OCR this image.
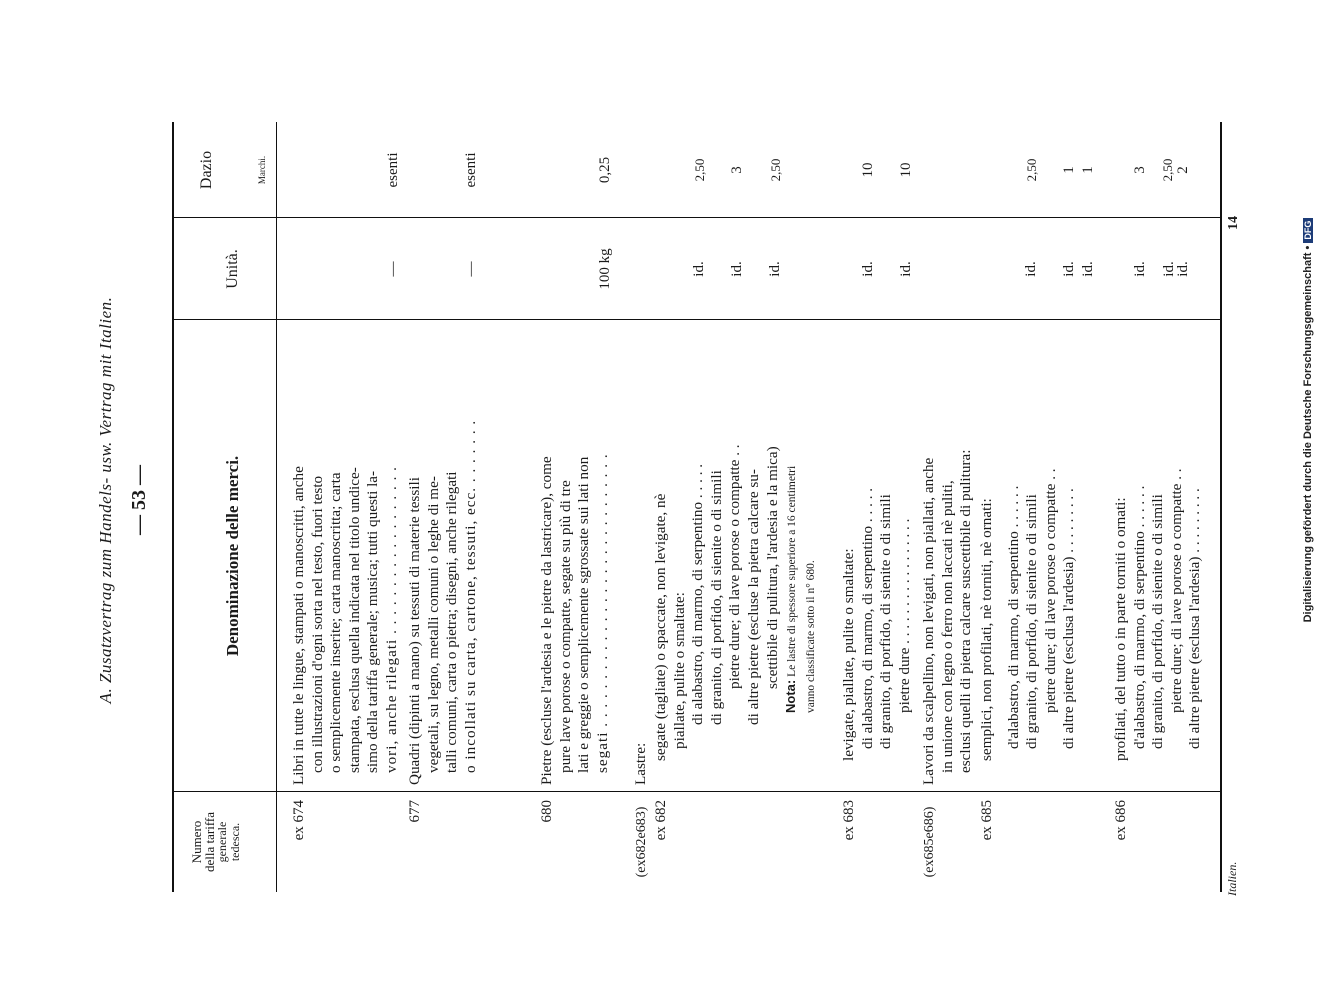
A. Zusatzvertrag zum Handels- usw. Vertrag mit Italien. — 53 —
Numero
della tariffa
generale tedesca.
Denominazione delle merci.
Unità.
Dazio	Marchi.
ex 674
Libri in tutte le lingue, stampati o manoscritti, anche con illustrazioni d'ogni sorta nel testo, fuori testo o semplicemente inserite; carta manoscritta; carta stampata, esclusa quella indicata nel titolo undice- simo della tariffa generale; musica; tutti questi la- vori, anche rilegati . . . . . . . . . . . . . . . . . .
—
esenti
677
Quadri (dipinti a mano) su tessuti di materie tessili vegetali, su legno, metalli comuni o leghe di me- talli comuni, carta o pietra; disegni, anche rilegati o incollati su carta, cartone, tessuti, ecc. . . . . . . .
—
esenti
680
Pietre (escluse l'ardesia e le pietre da lastricare), come pure lave porose o compatte, segate su più di tre lati e greggie o semplicemente sgrossate sui lati non segati . . . . . . . . . . . . . . . . . . . . . . . . . . . . .
100 kg
0,25
(ex682e683)
Lastre:
ex 682
segate (tagliate) o spaccate, non levigate, nè piallate, pulite o smaltate: di alabastro, di marmo, di serpentino . . . . . di granito, di porfido, di sienite o di simili pietre dure; di lave porose o compatte . . di altre pietre (escluse la pietra calcare su- scettibile di pulitura, l'ardesia e la mica)
Nota: Le lastre di spessore superiore a 16 centimetri vanno classificate sotto il n° 680.
id.
2,50
id.
3
id.
2,50
ex 683
levigate, piallate, pulite o smaltate: di alabastro, di marmo, di serpentino . . . . . di granito, di porfido, di sienite o di simili pietre dure . . . . . . . . . . . . . . . . .
id.
10
id.
10
(ex685e686)
Lavori da scalpellino, non levigati, non piallati, anche in unione con legno o ferro non laccati nè puliti, esclusi quelli di pietra calcare suscettibile di pulitura:
ex 685
semplici, non profilati, nè torniti, nè ornati: d'alabastro, di marmo, di serpentino . . . . . . di granito, di porfido, di sienite o di simili pietre dure; di lave porose o compatte . . di altre pietre (esclusa l'ardesia) . . . . . . . . .
id.
2,50
id.
1
id.
1
ex 686
profilati, del tutto o in parte torniti o ornati: d'alabastro, di marmo, di serpentino . . . . . . di granito, di porfido, di sienite o di simili pietre dure; di lave porose o compatte . . di altre pietre (esclusa l'ardesia) . . . . . . . . .
id.
3
id.
2,50
id.
2
Italien.
14
Digitalisierung gefördert durch die Deutsche Forschungsgemeinschaft • DFG
